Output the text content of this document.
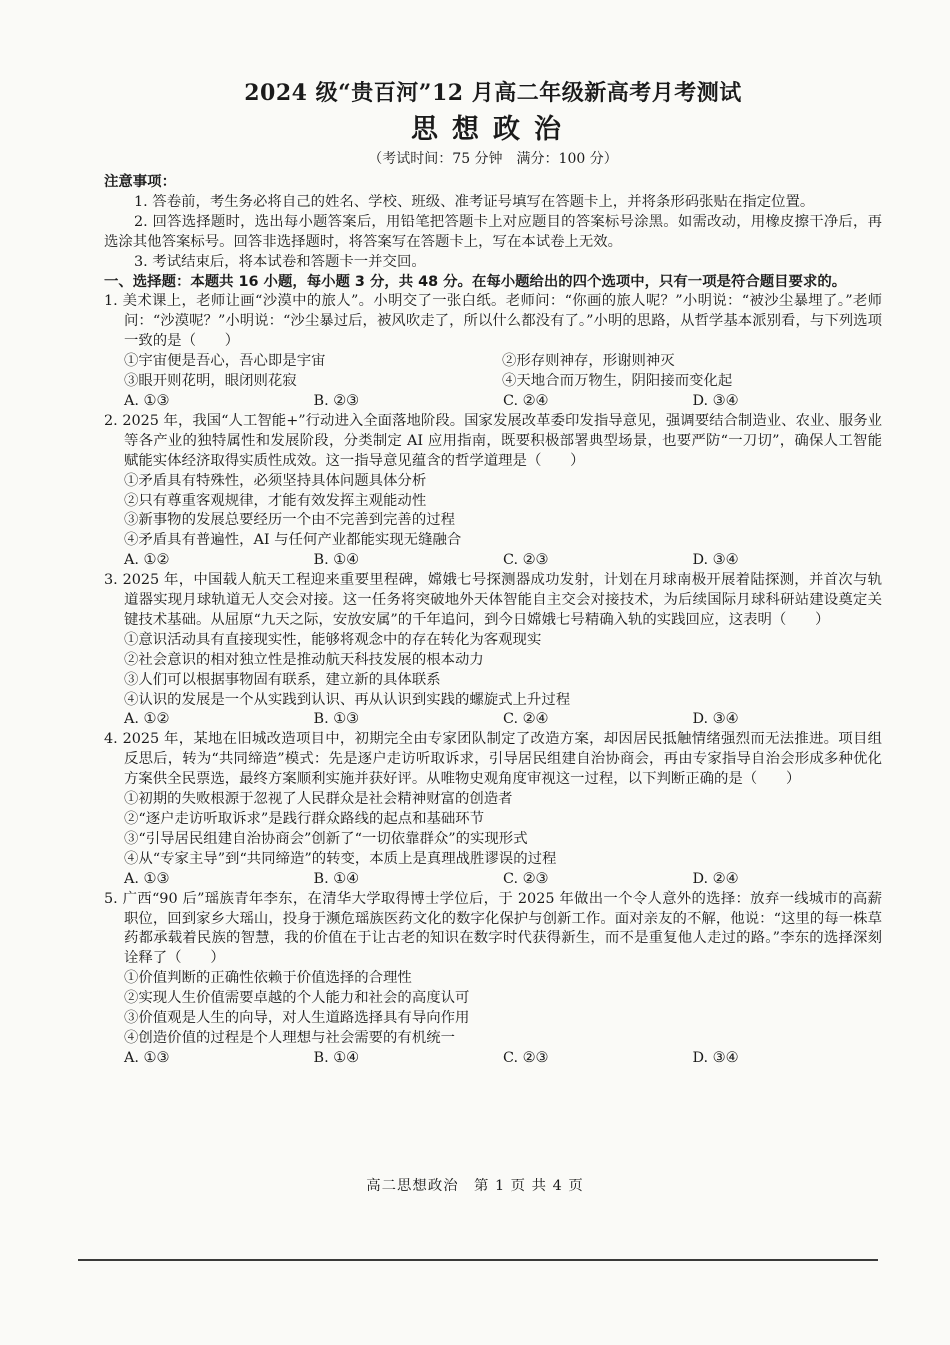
2024 级“贵百河”12 月高二年级新高考月考测试
思想政治
（考试时间：75 分钟　满分：100 分）
注意事项：
1. 答卷前，考生务必将自己的姓名、学校、班级、准考证号填写在答题卡上，并将条形码张贴在指定位置。
2. 回答选择题时，选出每小题答案后，用铅笔把答题卡上对应题目的答案标号涂黑。如需改动，用橡皮擦干净后，再选涂其他答案标号。回答非选择题时，将答案写在答题卡上，写在本试卷上无效。
3. 考试结束后，将本试卷和答题卡一并交回。
一、选择题：本题共 16 小题，每小题 3 分，共 48 分。在每小题给出的四个选项中，只有一项是符合题目要求的。
1. 美术课上，老师让画“沙漠中的旅人”。小明交了一张白纸。老师问：“你画的旅人呢？”小明说：“被沙尘暴埋了。”老师问：“沙漠呢？”小明说：“沙尘暴过后，被风吹走了，所以什么都没有了。”小明的思路，从哲学基本派别看，与下列选项一致的是（　　）
①宇宙便是吾心，吾心即是宇宙	②形存则神存，形谢则神灭
③眼开则花明，眼闭则花寂	④天地合而万物生，阴阳接而变化起
A. ①③	B. ②③	C. ②④	D. ③④
2. 2025 年，我国“人工智能+”行动进入全面落地阶段。国家发展改革委印发指导意见，强调要结合制造业、农业、服务业等各产业的独特属性和发展阶段，分类制定 AI 应用指南，既要积极部署典型场景，也要严防“一刀切”，确保人工智能赋能实体经济取得实质性成效。这一指导意见蕴含的哲学道理是（　　）
①矛盾具有特殊性，必须坚持具体问题具体分析
②只有尊重客观规律，才能有效发挥主观能动性
③新事物的发展总要经历一个由不完善到完善的过程
④矛盾具有普遍性，AI 与任何产业都能实现无缝融合
A. ①②	B. ①④	C. ②③	D. ③④
3. 2025 年，中国载人航天工程迎来重要里程碑，嫦娥七号探测器成功发射，计划在月球南极开展着陆探测，并首次与轨道器实现月球轨道无人交会对接。这一任务将突破地外天体智能自主交会对接技术，为后续国际月球科研站建设奠定关键技术基础。从屈原“九天之际，安放安属”的千年追问，到今日嫦娥七号精确入轨的实践回应，这表明（　　）
①意识活动具有直接现实性，能够将观念中的存在转化为客观现实
②社会意识的相对独立性是推动航天科技发展的根本动力
③人们可以根据事物固有联系，建立新的具体联系
④认识的发展是一个从实践到认识、再从认识到实践的螺旋式上升过程
A. ①②	B. ①③	C. ②④	D. ③④
4. 2025 年，某地在旧城改造项目中，初期完全由专家团队制定了改造方案，却因居民抵触情绪强烈而无法推进。项目组反思后，转为“共同缔造”模式：先是逐户走访听取诉求，引导居民组建自治协商会，再由专家指导自治会形成多种优化方案供全民票选，最终方案顺利实施并获好评。从唯物史观角度审视这一过程，以下判断正确的是（　　）
①初期的失败根源于忽视了人民群众是社会精神财富的创造者
②“逐户走访听取诉求”是践行群众路线的起点和基础环节
③“引导居民组建自治协商会”创新了“一切依靠群众”的实现形式
④从“专家主导”到“共同缔造”的转变，本质上是真理战胜谬误的过程
A. ①③	B. ①④	C. ②③	D. ②④
5. 广西“90 后”瑶族青年李东，在清华大学取得博士学位后，于 2025 年做出一个令人意外的选择：放弃一线城市的高薪职位，回到家乡大瑶山，投身于濒危瑶族医药文化的数字化保护与创新工作。面对亲友的不解，他说：“这里的每一株草药都承载着民族的智慧，我的价值在于让古老的知识在数字时代获得新生，而不是重复他人走过的路。”李东的选择深刻诠释了（　　）
①价值判断的正确性依赖于价值选择的合理性
②实现人生价值需要卓越的个人能力和社会的高度认可
③价值观是人生的向导，对人生道路选择具有导向作用
④创造价值的过程是个人理想与社会需要的有机统一
A. ①③	B. ①④	C. ②③	D. ③④
高二思想政治　第 1 页 共 4 页
